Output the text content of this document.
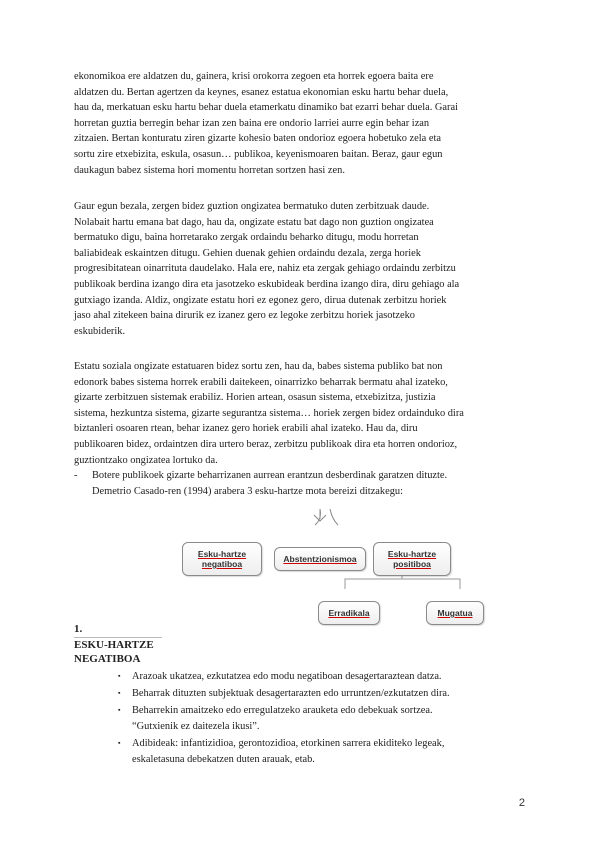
ekonomikoa ere aldatzen du, gainera, krisi orokorra zegoen eta horrek egoera baita ere
aldatzen du. Bertan agertzen da keynes, esanez estatua ekonomian esku hartu behar duela,
hau da, merkatuan esku hartu behar duela etamerkatu dinamiko bat ezarri behar duela. Garai
horretan guztia berregin behar izan zen baina ere ondorio larriei aurre egin behar izan
zitzaien. Bertan konturatu ziren gizarte kohesio baten ondorioz egoera hobetuko zela eta
sortu zire etxebizita, eskula, osasun… publikoa, keyenismoaren baitan. Beraz, gaur egun
daukagun babez sistema hori momentu horretan sortzen hasi zen.
Gaur egun bezala, zergen bidez guztion ongizatea bermatuko duten zerbitzuak daude.
Nolabait hartu emana bat dago, hau da, ongizate estatu bat dago non guztion ongizatea
bermatuko digu, baina horretarako zergak ordaindu beharko ditugu, modu horretan
baliabideak eskaintzen ditugu. Gehien duenak gehien ordaindu dezala, zerga horiek
progresibitatean oinarrituta daudelako. Hala ere, nahiz eta zergak gehiago ordaindu zerbitzu
publikoak berdina izango dira eta jasotzeko eskubideak berdina izango dira, diru gehiago ala
gutxiago izanda. Aldiz, ongizate estatu hori ez egonez gero, dirua dutenak zerbitzu horiek
jaso ahal zitekeen baina dirurik ez izanez gero ez legoke zerbitzu horiek jasotzeko
eskubiderik.
Estatu soziala ongizate estatuaren bidez sortu zen, hau da, babes sistema publiko bat non
edonork babes sistema horrek erabili daitekeen, oinarrizko beharrak bermatu ahal izateko,
gizarte zerbitzuen sistemak erabiliz. Horien artean, osasun sistema, etxebizitza, justizia
sistema, hezkuntza sistema, gizarte segurantza sistema… horiek zergen bidez ordainduko dira
biztanleri osoaren rtean, behar izanez gero horiek erabili ahal izateko. Hau da, diru
publikoaren bidez, ordaintzen dira urtero beraz, zerbitzu publikoak dira eta horren ondorioz,
guztiontzako ongizatea lortuko da.
- Botere publikoek gizarte beharrizanen aurrean erantzun desberdinak garatzen dituzte.
Demetrio Casado-ren (1994) arabera 3 esku-hartze mota bereizi ditzakegu:
Esku-hartze
negatiboa	Abstentzionismoa	Esku-hartze
positiboa
Erradikala	Mugatua
1.
ESKU-HARTZE
NEGATIBOA
▪ Arazoak ukatzea, ezkutatzea edo modu negatiboan desagertaraztean datza.
▪ Beharrak dituzten subjektuak desagertarazten edo urruntzen/ezkutatzen dira.
▪ Beharrekin amaitzeko edo erregulatzeko arauketa edo debekuak sortzea.
“Gutxienik ez daitezela ikusi”.
▪ Adibideak: infantizidioa, gerontozidioa, etorkinen sarrera ekiditeko legeak,
eskaletasuna debekatzen duten arauak, etab.
2
